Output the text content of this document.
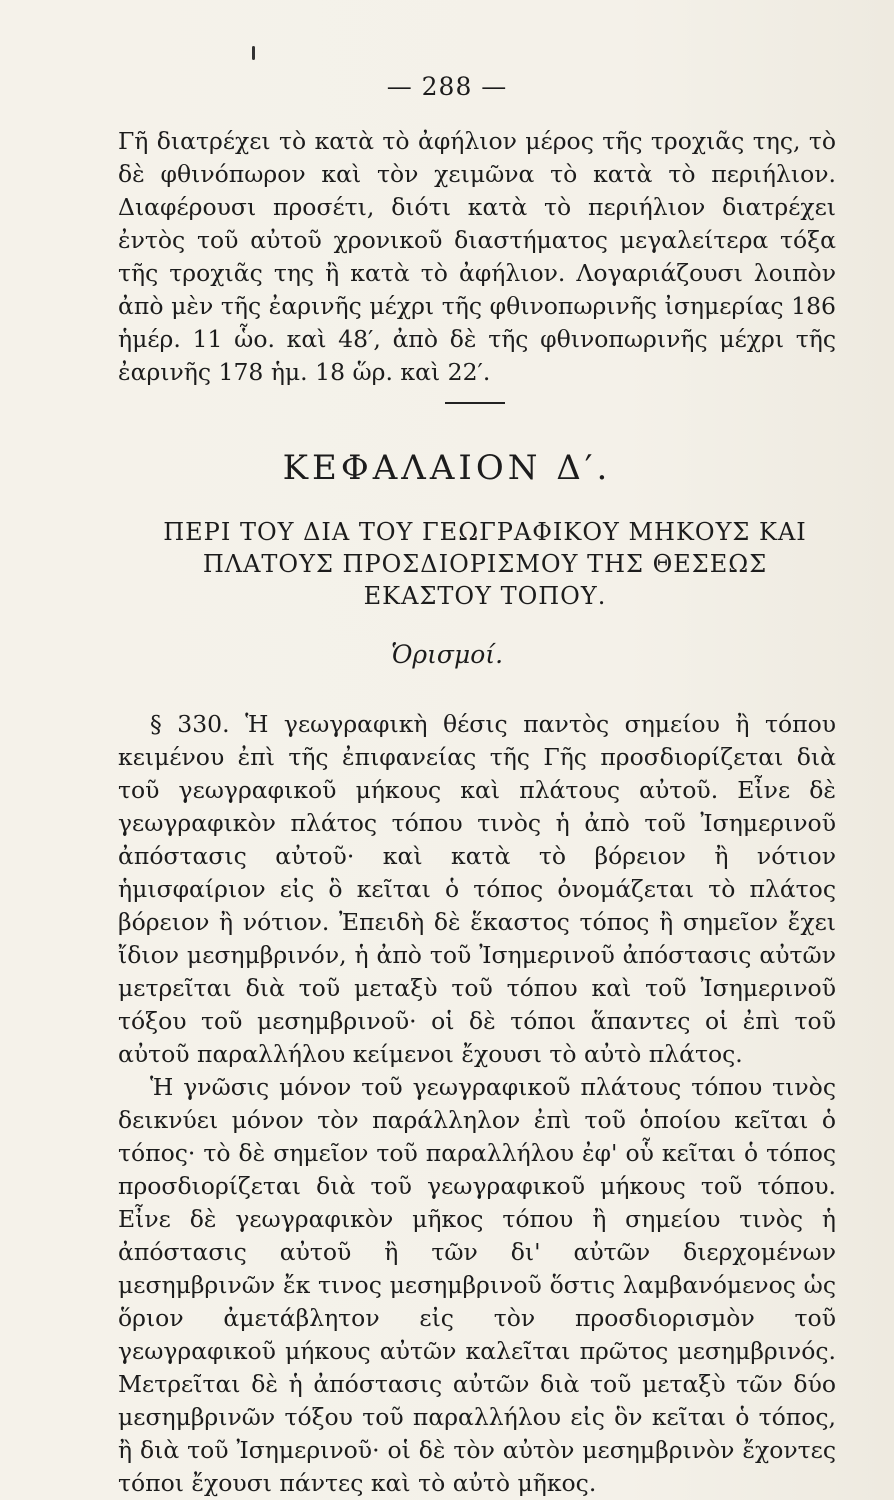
— 288 —

Γῆ διατρέχει τὸ κατὰ τὸ ἀφήλιον μέρος τῆς τροχιᾶς της, τὸ δὲ φθινόπωρον καὶ τὸν χειμῶνα τὸ κατὰ τὸ περιήλιον. Διαφέρουσι προσέτι, διότι κατὰ τὸ περιήλιον διατρέχει ἐντὸς τοῦ αὐτοῦ χρονικοῦ διαστήματος μεγαλείτερα τόξα τῆς τροχιᾶς της ἢ κατὰ τὸ ἀφήλιον. Λογαριάζουσι λοιπὸν ἀπὸ μὲν τῆς ἐαρινῆς μέχρι τῆς φθινοπωρινῆς ἰσημερίας 186 ἡμέρ. 11 ὧο. καὶ 48′, ἀπὸ δὲ τῆς φθινοπωρινῆς μέχρι τῆς ἐαρινῆς 178 ἡμ. 18 ὥρ. καὶ 22′.

ΚΕΦΑΛΑΙΟΝ Δ′.
ΠΕΡΙ ΤΟΥ ΔΙΑ ΤΟΥ ΓΕΩΓΡΑΦΙΚΟΥ ΜΗΚΟΥΣ ΚΑΙ
ΠΛΑΤΟΥΣ ΠΡΟΣΔΙΟΡΙΣΜΟΥ ΤΗΣ ΘΕΣΕΩΣ
ΕΚΑΣΤΟΥ ΤΟΠΟΥ.
Ὁρισμοί.

§ 330. Ἡ γεωγραφικὴ θέσις παντὸς σημείου ἢ τόπου κειμένου ἐπὶ τῆς ἐπιφανείας τῆς Γῆς προσδιορίζεται διὰ τοῦ γεωγραφικοῦ μήκους καὶ πλάτους αὐτοῦ. Εἶνε δὲ γεωγραφικὸν πλάτος τόπου τινὸς ἡ ἀπὸ τοῦ Ἰσημερινοῦ ἀπόστασις αὐτοῦ· καὶ κατὰ τὸ βόρειον ἢ νότιον ἡμισφαίριον εἰς ὃ κεῖται ὁ τόπος ὀνομάζεται τὸ πλάτος βόρειον ἢ νότιον. Ἐπειδὴ δὲ ἕκαστος τόπος ἢ σημεῖον ἔχει ἴδιον μεσημβρινόν, ἡ ἀπὸ τοῦ Ἰσημερινοῦ ἀπόστασις αὐτῶν μετρεῖται διὰ τοῦ μεταξὺ τοῦ τόπου καὶ τοῦ Ἰσημερινοῦ τόξου τοῦ μεσημβρινοῦ· οἱ δὲ τόποι ἅπαντες οἱ ἐπὶ τοῦ αὐτοῦ παραλλήλου κείμενοι ἔχουσι τὸ αὐτὸ πλάτος.

Ἡ γνῶσις μόνον τοῦ γεωγραφικοῦ πλάτους τόπου τινὸς δεικνύει μόνον τὸν παράλληλον ἐπὶ τοῦ ὁποίου κεῖται ὁ τόπος· τὸ δὲ σημεῖον τοῦ παραλλήλου ἐφ' οὗ κεῖται ὁ τόπος προσδιορίζεται διὰ τοῦ γεωγραφικοῦ μήκους τοῦ τόπου. Εἶνε δὲ γεωγραφικὸν μῆκος τόπου ἢ σημείου τινὸς ἡ ἀπόστασις αὐτοῦ ἢ τῶν δι' αὐτῶν διερχομένων μεσημβρινῶν ἔκ τινος μεσημβρινοῦ ὅστις λαμβανόμενος ὡς ὅριον ἀμετάβλητον εἰς τὸν προσδιορισμὸν τοῦ γεωγραφικοῦ μήκους αὐτῶν καλεῖται πρῶτος μεσημβρινός. Μετρεῖται δὲ ἡ ἀπόστασις αὐτῶν διὰ τοῦ μεταξὺ τῶν δύο μεσημβρινῶν τόξου τοῦ παραλλήλου εἰς ὃν κεῖται ὁ τόπος, ἢ διὰ τοῦ Ἰσημερινοῦ· οἱ δὲ τὸν αὐτὸν μεσημβρινὸν ἔχοντες τόποι ἔχουσι πάντες καὶ τὸ αὐτὸ μῆκος.
